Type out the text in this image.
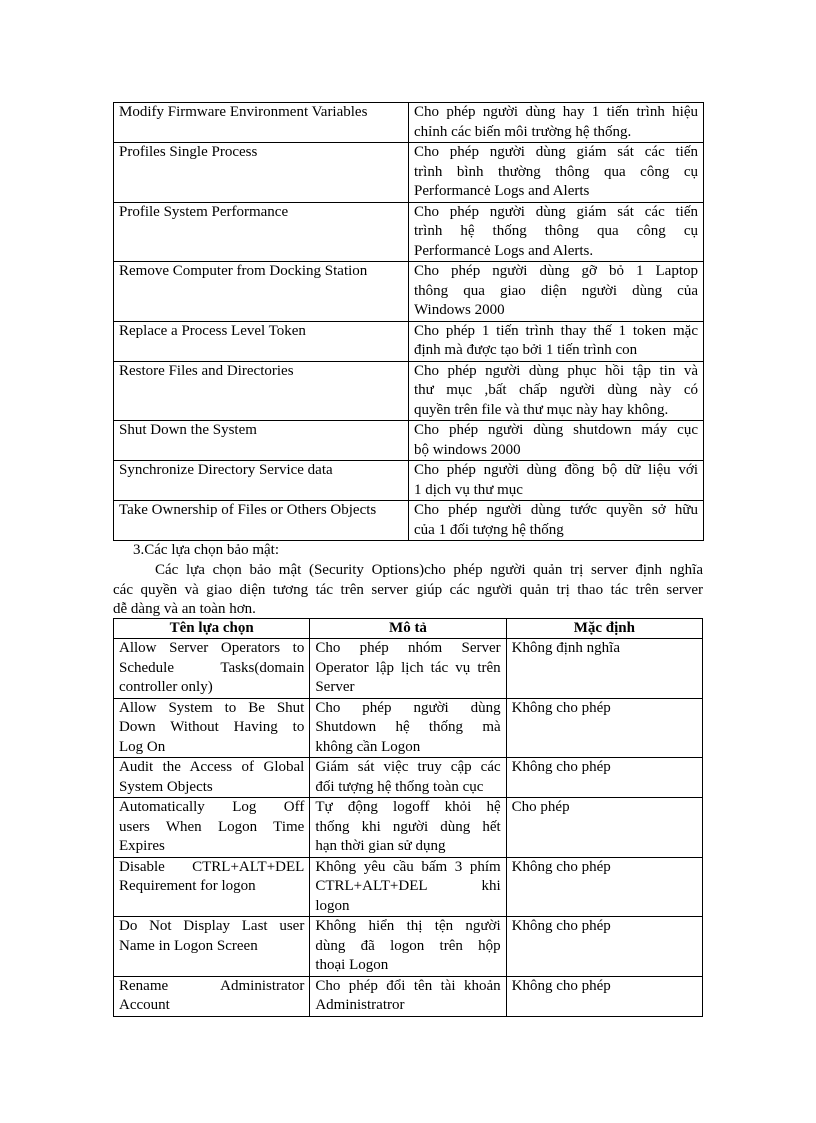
Modify Firmware Environment Variables	Cho phép người dùng hay 1 tiến trình hiệu
chỉnh các biến môi trường hệ thống.

Profiles Single Process	Cho phép người dùng giám sát các tiến
trình bình thường thông qua công cụ
Performancė Logs and Alerts

Profile System Performance	Cho phép người dùng giám sát các tiến
trình hệ thống thông qua công cụ
Performancė Logs and Alerts.

Remove Computer from Docking Station	Cho phép người dùng gỡ bỏ 1 Laptop
thông qua giao diện người dùng của
Windows 2000

Replace a Process Level Token	Cho phép 1 tiến trình thay thế 1 token mặc
định mà được tạo bởi 1 tiến trình con

Restore Files and Directories	Cho phép người dùng phục hồi tập tin và
thư mục ,bất chấp người dùng này có
quyền trên file và thư mục này hay không.

Shut Down the System	Cho phép người dùng shutdown máy cục
bộ windows 2000

Synchronize Directory Service data	Cho phép người dùng đồng bộ dữ liệu với
1 dịch vụ thư mục

Take Ownership of Files or Others Objects	Cho phép người dùng tước quyền sở hữu
của 1 đối tượng hệ thống
3.Các lựa chọn bảo mật:
Các lựa chọn bảo mật (Security Options)cho phép người quản trị server định nghĩa
các quyền và giao diện tương tác trên server giúp các người quản trị thao tác trên server
dễ dàng và an toàn hơn.
Tên lựa chọn	Mô tả	Mặc định

Allow Server Operators to
Schedule Tasks(domain
controller only)	Cho phép nhóm Server
Operator lập lịch tác vụ trên
Server	Không định nghĩa

Allow System to Be Shut
Down Without Having to
Log On	Cho phép người dùng
Shutdown hệ thống mà
không cần Logon	Không cho phép

Audit the Access of Global
System Objects	Giám sát việc truy cập các
đối tượng hệ thống toàn cục	Không cho phép

Automatically Log Off
users When Logon Time
Expires	Tự động logoff khỏi hệ
thống khi người dùng hết
hạn thời gian sử dụng	Cho phép

Disable CTRL+ALT+DEL
Requirement for logon	Không yêu cầu bấm 3 phím
CTRL+ALT+DEL khi
logon	Không cho phép

Do Not Display Last user
Name in Logon Screen	Không hiển thị tện người
dùng đã logon trên hộp
thoại Logon	Không cho phép

Rename Administrator
Account	Cho phép đổi tên tài khoản
Administratror	Không cho phép
